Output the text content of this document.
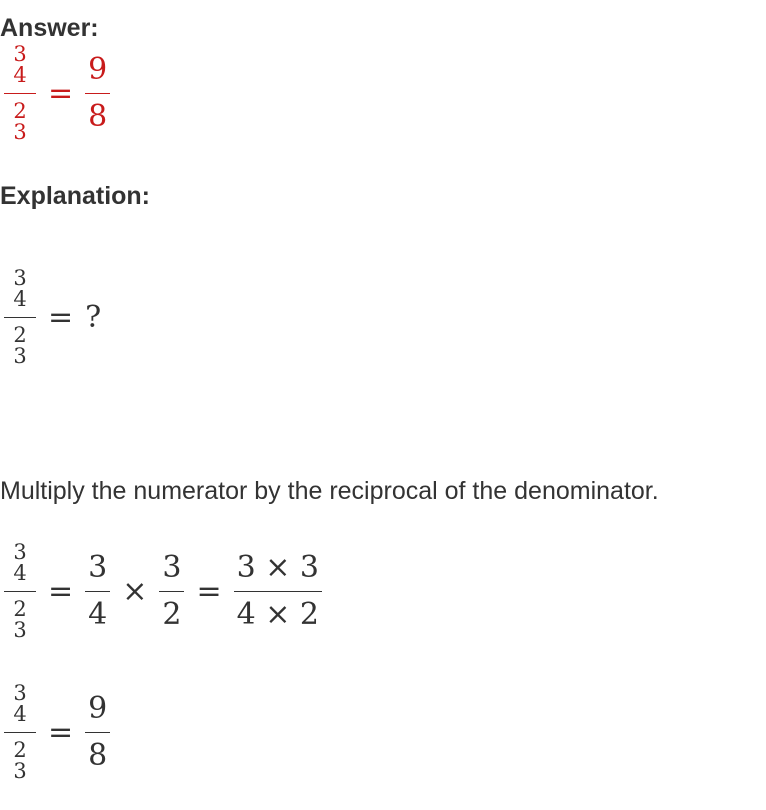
Answer:
3
4
2
$3 = \frac{9}{8}$
Explanation:
3
4
2
3 = ?
Multiply the numerator by the reciprocal of the denominator.
3
4
2
$3 = \frac{3}{4} \times \frac{3}{2} = \frac{3 \times 3}{4 \times 2}$
3
4
2
$3 = \frac{9}{8}$
